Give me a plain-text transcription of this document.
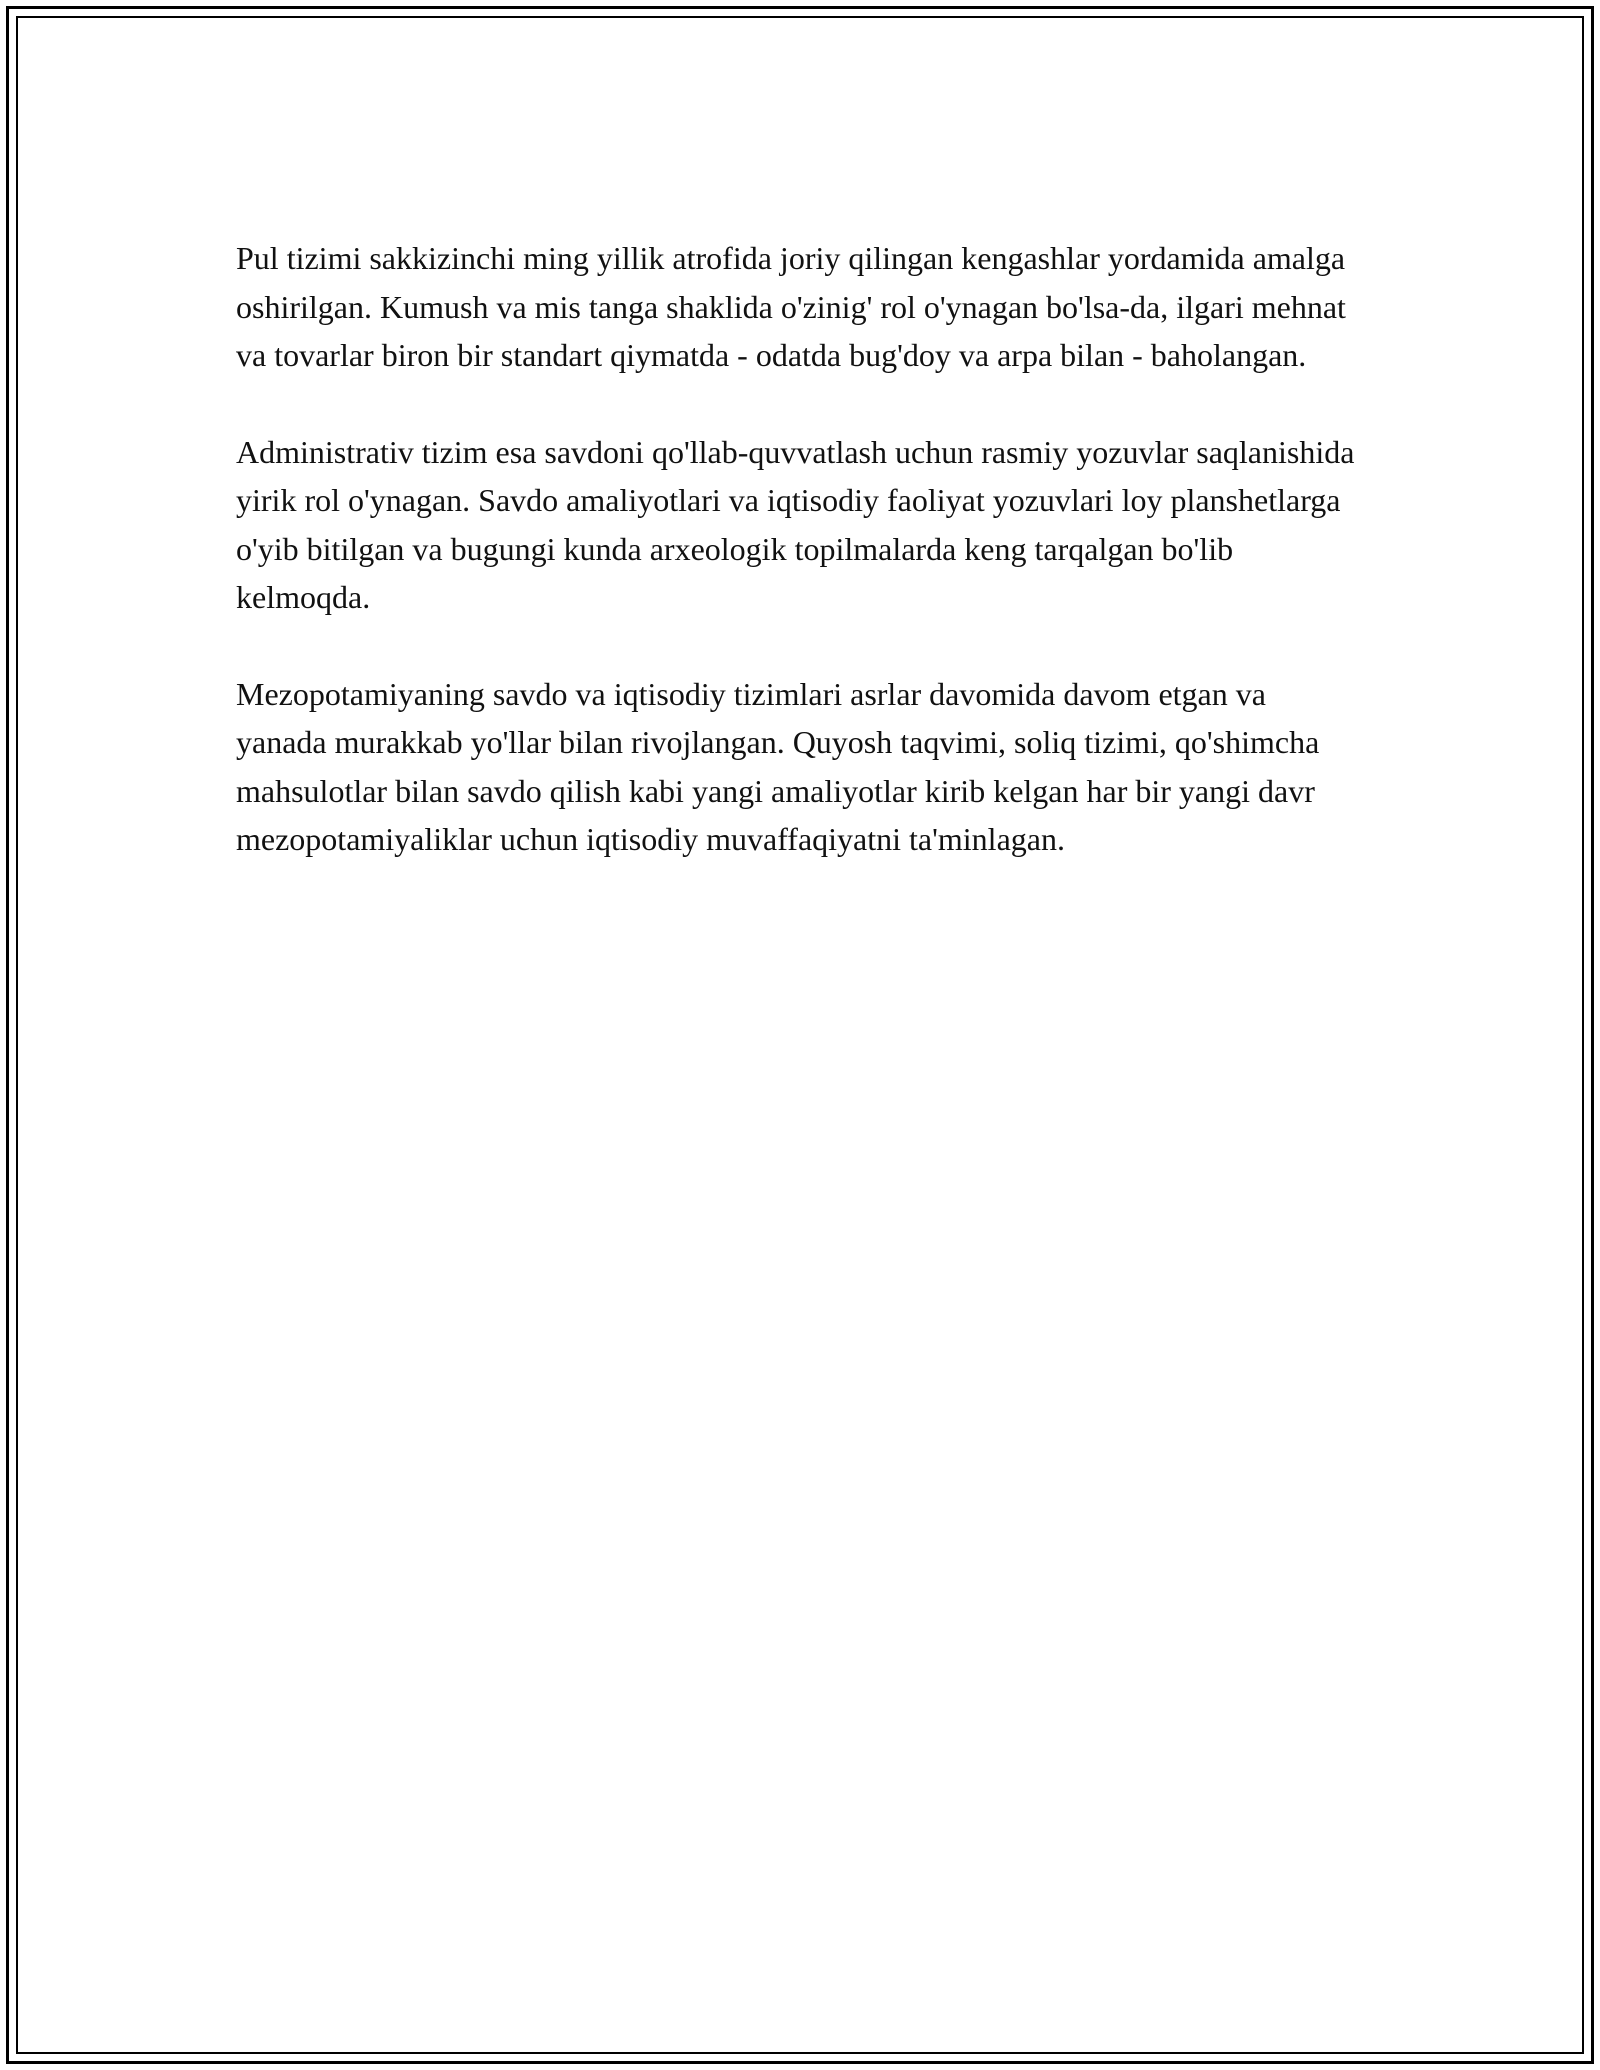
Pul tizimi sakkizinchi ming yillik atrofida joriy qilingan kengashlar yordamida amalga oshirilgan. Kumush va mis tanga shaklida o'zinig' rol o'ynagan bo'lsa-da, ilgari mehnat va tovarlar biron bir standart qiymatda - odatda bug'doy va arpa bilan - baholangan.

Administrativ tizim esa savdoni qo'llab-quvvatlash uchun rasmiy yozuvlar saqlanishida yirik rol o'ynagan. Savdo amaliyotlari va iqtisodiy faoliyat yozuvlari loy planshetlarga o'yib bitilgan va bugungi kunda arxeologik topilmalarda keng tarqalgan bo'lib kelmoqda.

Mezopotamiyaning savdo va iqtisodiy tizimlari asrlar davomida davom etgan va yanada murakkab yo'llar bilan rivojlangan. Quyosh taqvimi, soliq tizimi, qo'shimcha mahsulotlar bilan savdo qilish kabi yangi amaliyotlar kirib kelgan har bir yangi davr mezopotamiyaliklar uchun iqtisodiy muvaffaqiyatni ta'minlagan.
